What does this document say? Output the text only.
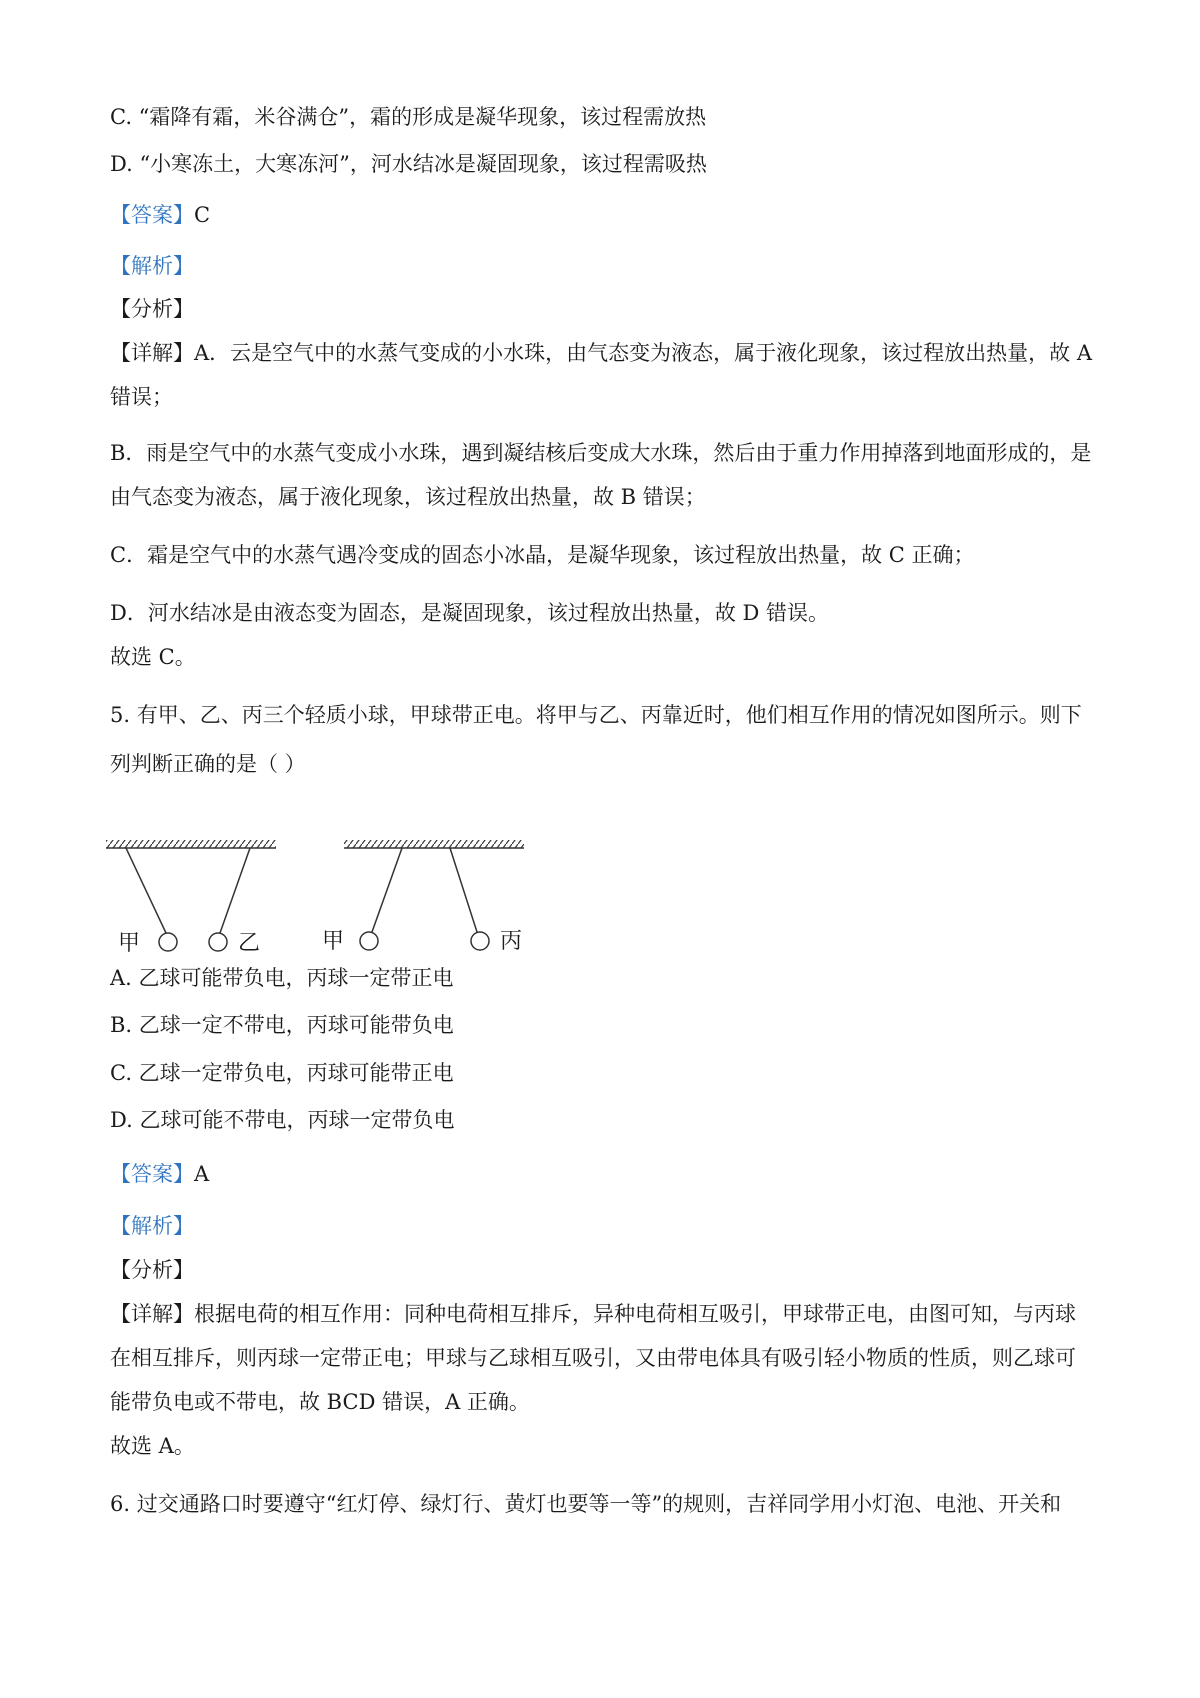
C. “霜降有霜，米谷满仓”，霜的形成是凝华现象，该过程需放热
D. “小寒冻土，大寒冻河”，河水结冰是凝固现象，该过程需吸热
【答案】C
【解析】
【分析】
【详解】A．云是空气中的水蒸气变成的小水珠，由气态变为液态，属于液化现象，该过程放出热量，故 A
错误；
B．雨是空气中的水蒸气变成小水珠，遇到凝结核后变成大水珠，然后由于重力作用掉落到地面形成的，是
由气态变为液态，属于液化现象，该过程放出热量，故 B 错误；
C．霜是空气中的水蒸气遇冷变成的固态小冰晶，是凝华现象，该过程放出热量，故 C 正确；
D．河水结冰是由液态变为固态，是凝固现象，该过程放出热量，故 D 错误。
故选 C。
5. 有甲、乙、丙三个轻质小球，甲球带正电。将甲与乙、丙靠近时，他们相互作用的情况如图所示。则下
列判断正确的是（ ）
甲	乙	甲	丙
A. 乙球可能带负电，丙球一定带正电
B. 乙球一定不带电，丙球可能带负电
C. 乙球一定带负电，丙球可能带正电
D. 乙球可能不带电，丙球一定带负电
【答案】A
【解析】
【分析】
【详解】根据电荷的相互作用：同种电荷相互排斥，异种电荷相互吸引，甲球带正电，由图可知，与丙球
在相互排斥，则丙球一定带正电；甲球与乙球相互吸引，又由带电体具有吸引轻小物质的性质，则乙球可
能带负电或不带电，故 BCD 错误，A 正确。
故选 A。
6. 过交通路口时要遵守“红灯停、绿灯行、黄灯也要等一等”的规则，吉祥同学用小灯泡、电池、开关和
